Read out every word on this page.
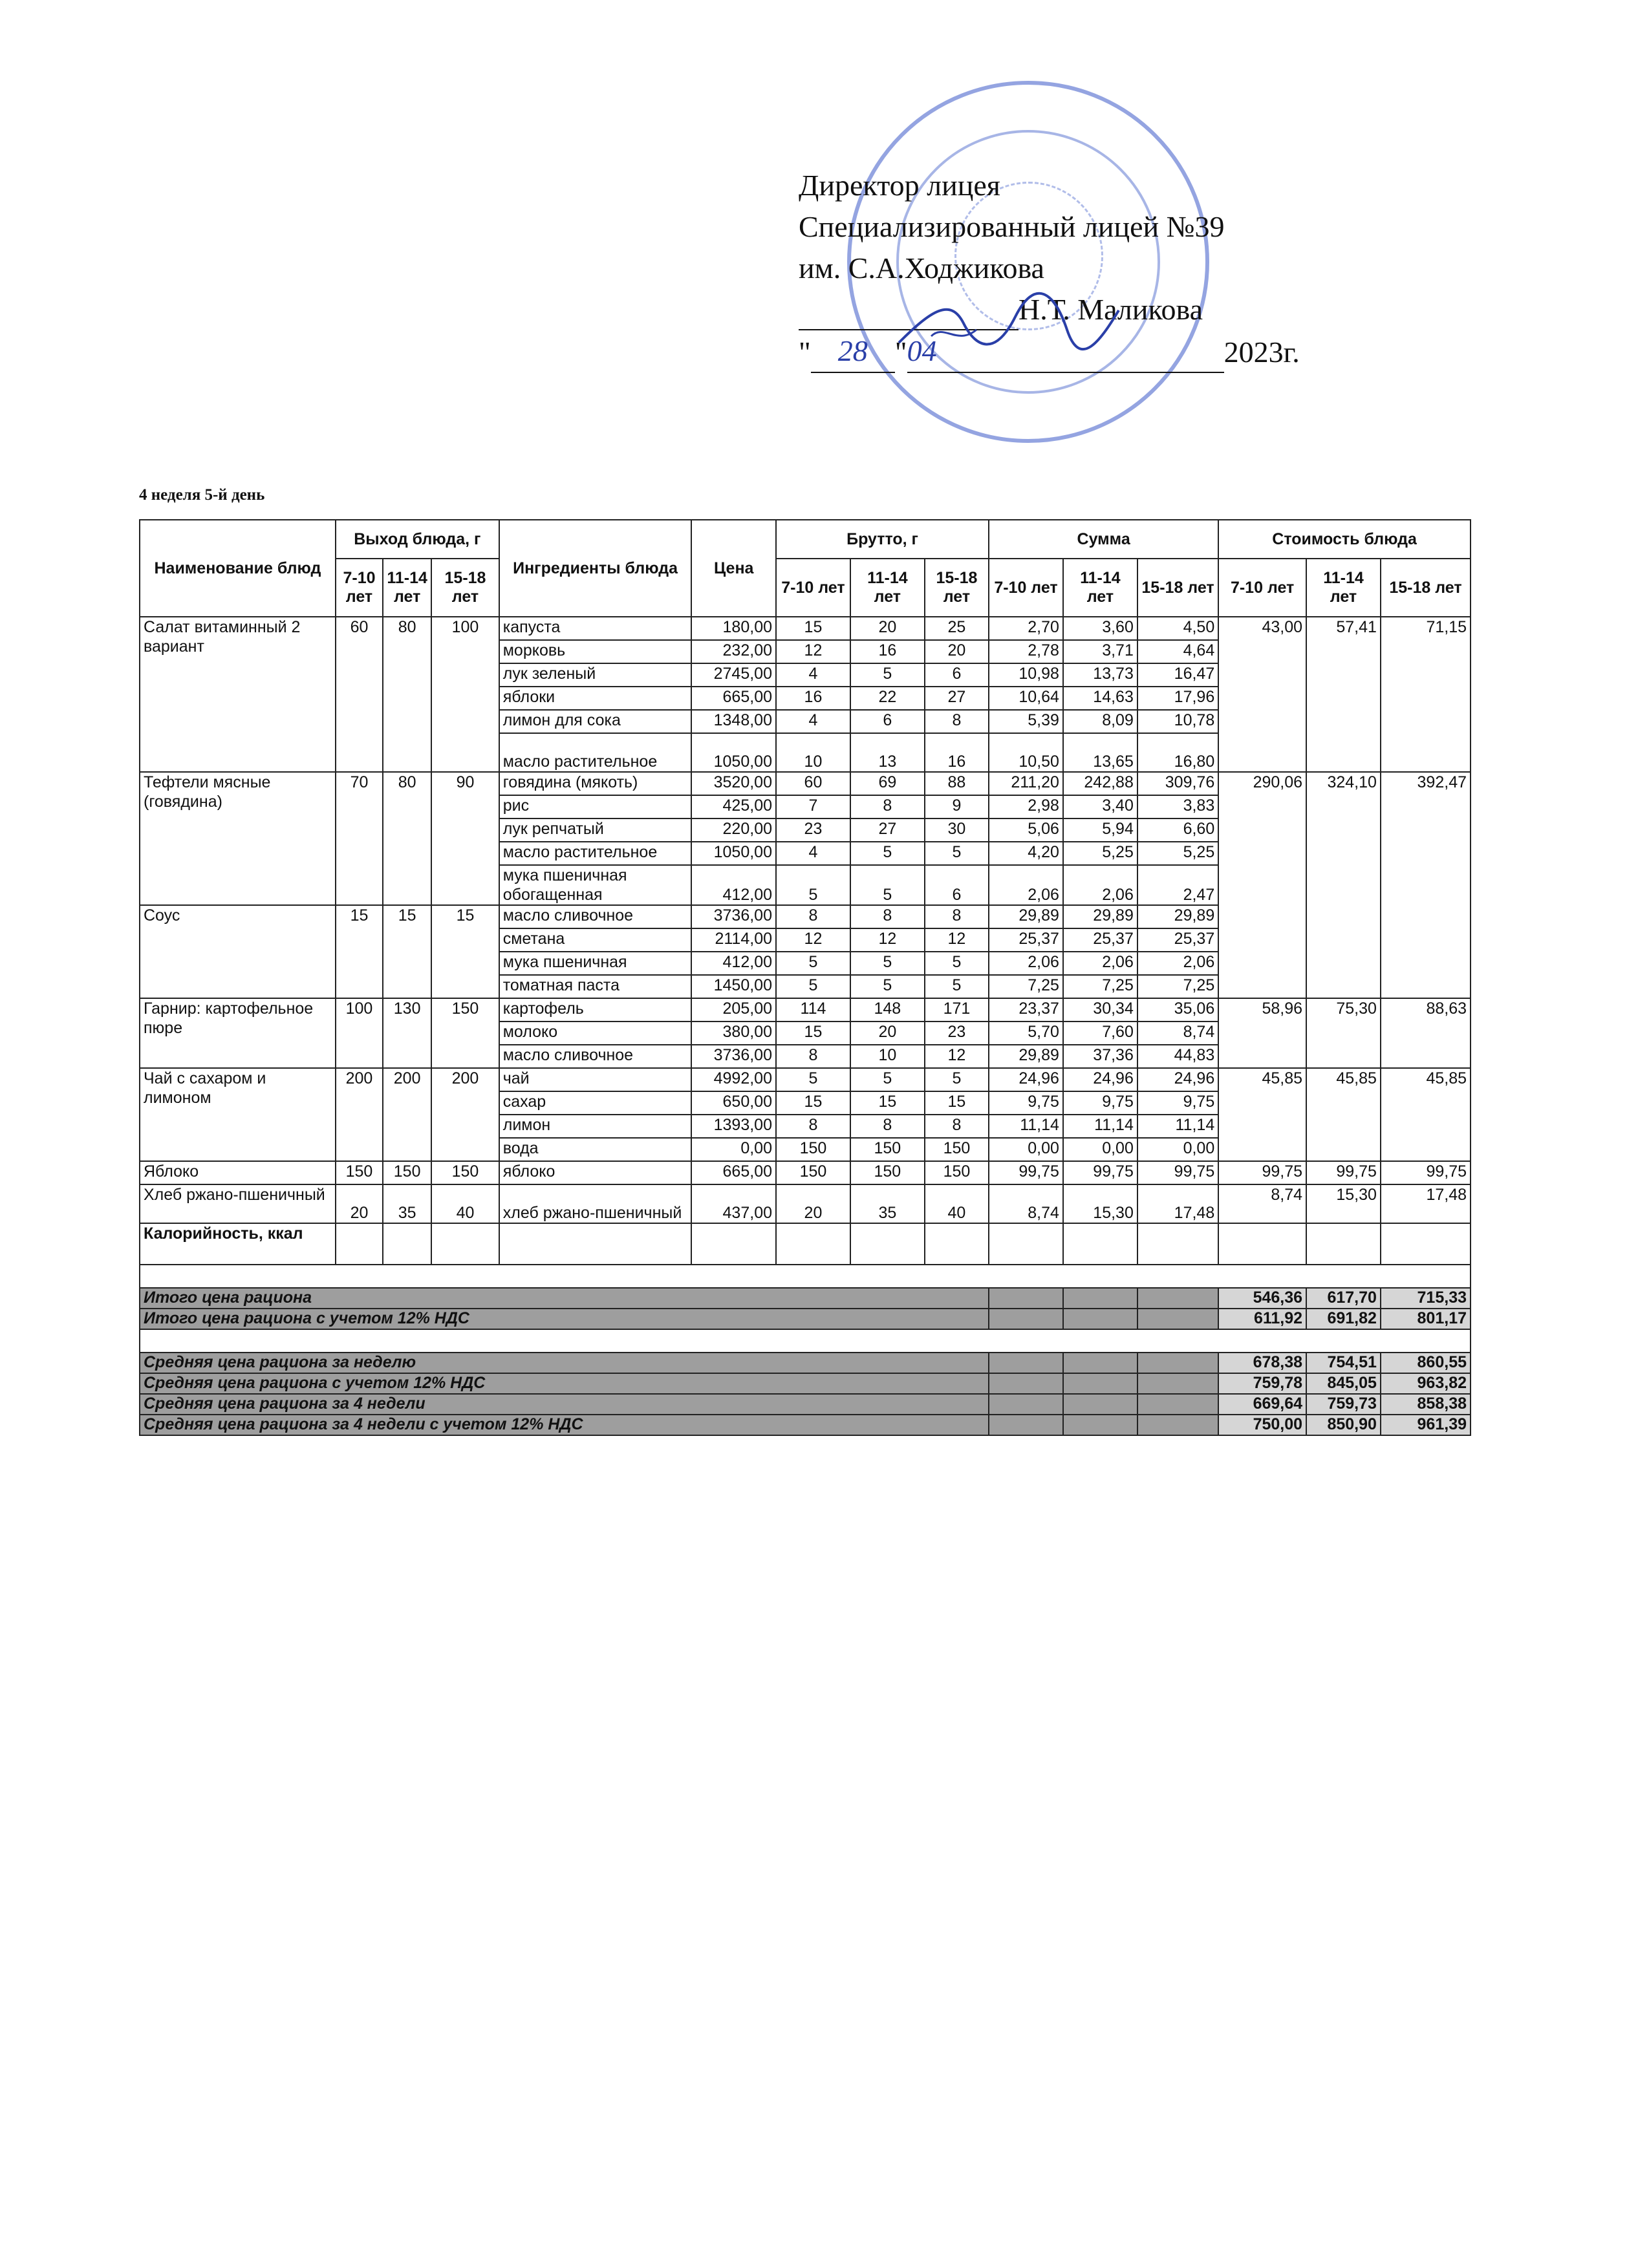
Директор лицея
Специализированный лицей №39
им. С.А.Ходжикова
Н.Т. Маликова
" 28 "04	2023г.
4 неделя 5-й день
Наименование блюд	Выход блюда, г			Ингредиенты блюда	Цена	Брутто, г			Сумма			Стоимость блюда		
	7-10 лет	11-14 лет	15-18 лет			7-10 лет	11-14 лет	15-18 лет	7-10 лет	11-14 лет	15-18 лет	7-10 лет	11-14 лет	15-18 лет
Салат витаминный 2 вариант	60	80	100	капуста	180,00	15	20	25	2,70	3,60	4,50	43,00	57,41	71,15
				морковь	232,00	12	16	20	2,78	3,71	4,64			
				лук зеленый	2745,00	4	5	6	10,98	13,73	16,47			
				яблоки	665,00	16	22	27	10,64	14,63	17,96			
				лимон для сока	1348,00	4	6	8	5,39	8,09	10,78			
				масло растительное	1050,00	10	13	16	10,50	13,65	16,80			
Тефтели мясные (говядина)	70	80	90	говядина (мякоть)	3520,00	60	69	88	211,20	242,88	309,76	290,06	324,10	392,47
				рис	425,00	7	8	9	2,98	3,40	3,83			
				лук репчатый	220,00	23	27	30	5,06	5,94	6,60			
				масло растительное	1050,00	4	5	5	4,20	5,25	5,25			
				мука пшеничная обогащенная	412,00	5	5	6	2,06	2,06	2,47			
Соус	15	15	15	масло сливочное	3736,00	8	8	8	29,89	29,89	29,89			
				сметана	2114,00	12	12	12	25,37	25,37	25,37			
				мука пшеничная	412,00	5	5	5	2,06	2,06	2,06			
				томатная паста	1450,00	5	5	5	7,25	7,25	7,25			
Гарнир: картофельное пюре	100	130	150	картофель	205,00	114	148	171	23,37	30,34	35,06	58,96	75,30	88,63
				молоко	380,00	15	20	23	5,70	7,60	8,74			
				масло сливочное	3736,00	8	10	12	29,89	37,36	44,83			
Чай с сахаром и лимоном	200	200	200	чай	4992,00	5	5	5	24,96	24,96	24,96	45,85	45,85	45,85
				сахар	650,00	15	15	15	9,75	9,75	9,75			
				лимон	1393,00	8	8	8	11,14	11,14	11,14			
				вода	0,00	150	150	150	0,00	0,00	0,00			
Яблоко	150	150	150	яблоко	665,00	150	150	150	99,75	99,75	99,75	99,75	99,75	99,75
Хлеб ржано-пшеничный	20	35	40	хлеб ржано-пшеничный	437,00	20	35	40	8,74	15,30	17,48	8,74	15,30	17,48
Калорийность, ккал														

Итого цена рациона												546,36	617,70	715,33
Итого цена рациона с учетом 12% НДС												611,92	691,82	801,17

Средняя цена рациона за неделю												678,38	754,51	860,55
Средняя цена рациона с учетом 12% НДС												759,78	845,05	963,82
Средняя цена рациона за 4 недели												669,64	759,73	858,38
Средняя цена рациона за 4 недели с учетом 12% НДС												750,00	850,90	961,39
